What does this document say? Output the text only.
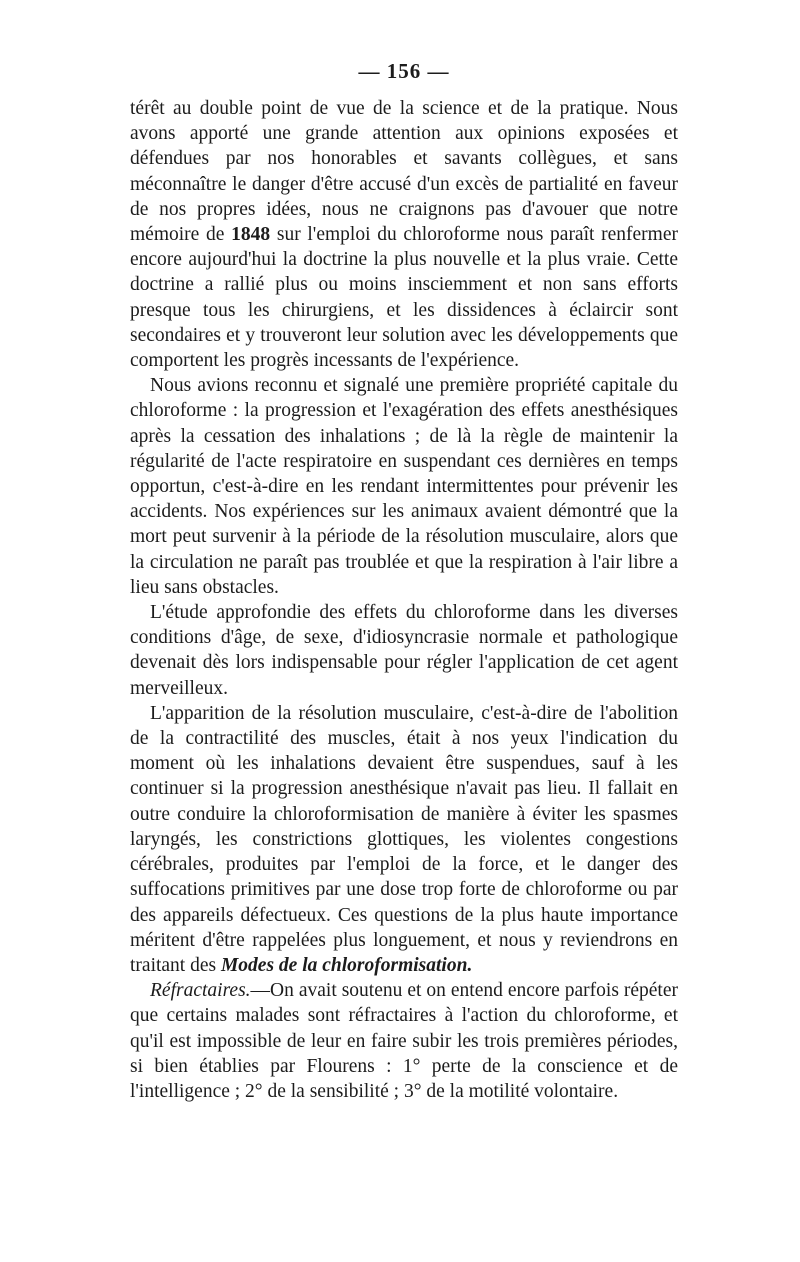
— 156 —

térêt au double point de vue de la science et de la pratique. Nous avons apporté une grande attention aux opinions exposées et défendues par nos honorables et savants collègues, et sans méconnaître le danger d'être accusé d'un excès de partialité en faveur de nos propres idées, nous ne craignons pas d'avouer que notre mémoire de 1848 sur l'emploi du chloroforme nous paraît renfermer encore aujourd'hui la doctrine la plus nouvelle et la plus vraie. Cette doctrine a rallié plus ou moins insciemment et non sans efforts presque tous les chirurgiens, et les dissidences à éclaircir sont secondaires et y trouveront leur solution avec les développements que comportent les progrès incessants de l'expérience.

Nous avions reconnu et signalé une première propriété capitale du chloroforme : la progression et l'exagération des effets anesthésiques après la cessation des inhalations ; de là la règle de maintenir la régularité de l'acte respiratoire en suspendant ces dernières en temps opportun, c'est-à-dire en les rendant intermittentes pour prévenir les accidents. Nos expériences sur les animaux avaient démontré que la mort peut survenir à la période de la résolution musculaire, alors que la circulation ne paraît pas troublée et que la respiration à l'air libre a lieu sans obstacles.

L'étude approfondie des effets du chloroforme dans les diverses conditions d'âge, de sexe, d'idiosyncrasie normale et pathologique devenait dès lors indispensable pour régler l'application de cet agent merveilleux.

L'apparition de la résolution musculaire, c'est-à-dire de l'abolition de la contractilité des muscles, était à nos yeux l'indication du moment où les inhalations devaient être suspendues, sauf à les continuer si la progression anesthésique n'avait pas lieu. Il fallait en outre conduire la chloroformisation de manière à éviter les spasmes laryngés, les constrictions glottiques, les violentes congestions cérébrales, produites par l'emploi de la force, et le danger des suffocations primitives par une dose trop forte de chloroforme ou par des appareils défectueux. Ces questions de la plus haute importance méritent d'être rappelées plus longuement, et nous y reviendrons en traitant des Modes de la chloroformisation.

Réfractaires.—On avait soutenu et on entend encore parfois répéter que certains malades sont réfractaires à l'action du chloroforme, et qu'il est impossible de leur en faire subir les trois premières périodes, si bien établies par Flourens : 1° perte de la conscience et de l'intelligence ; 2° de la sensibilité ; 3° de la motilité volontaire.
